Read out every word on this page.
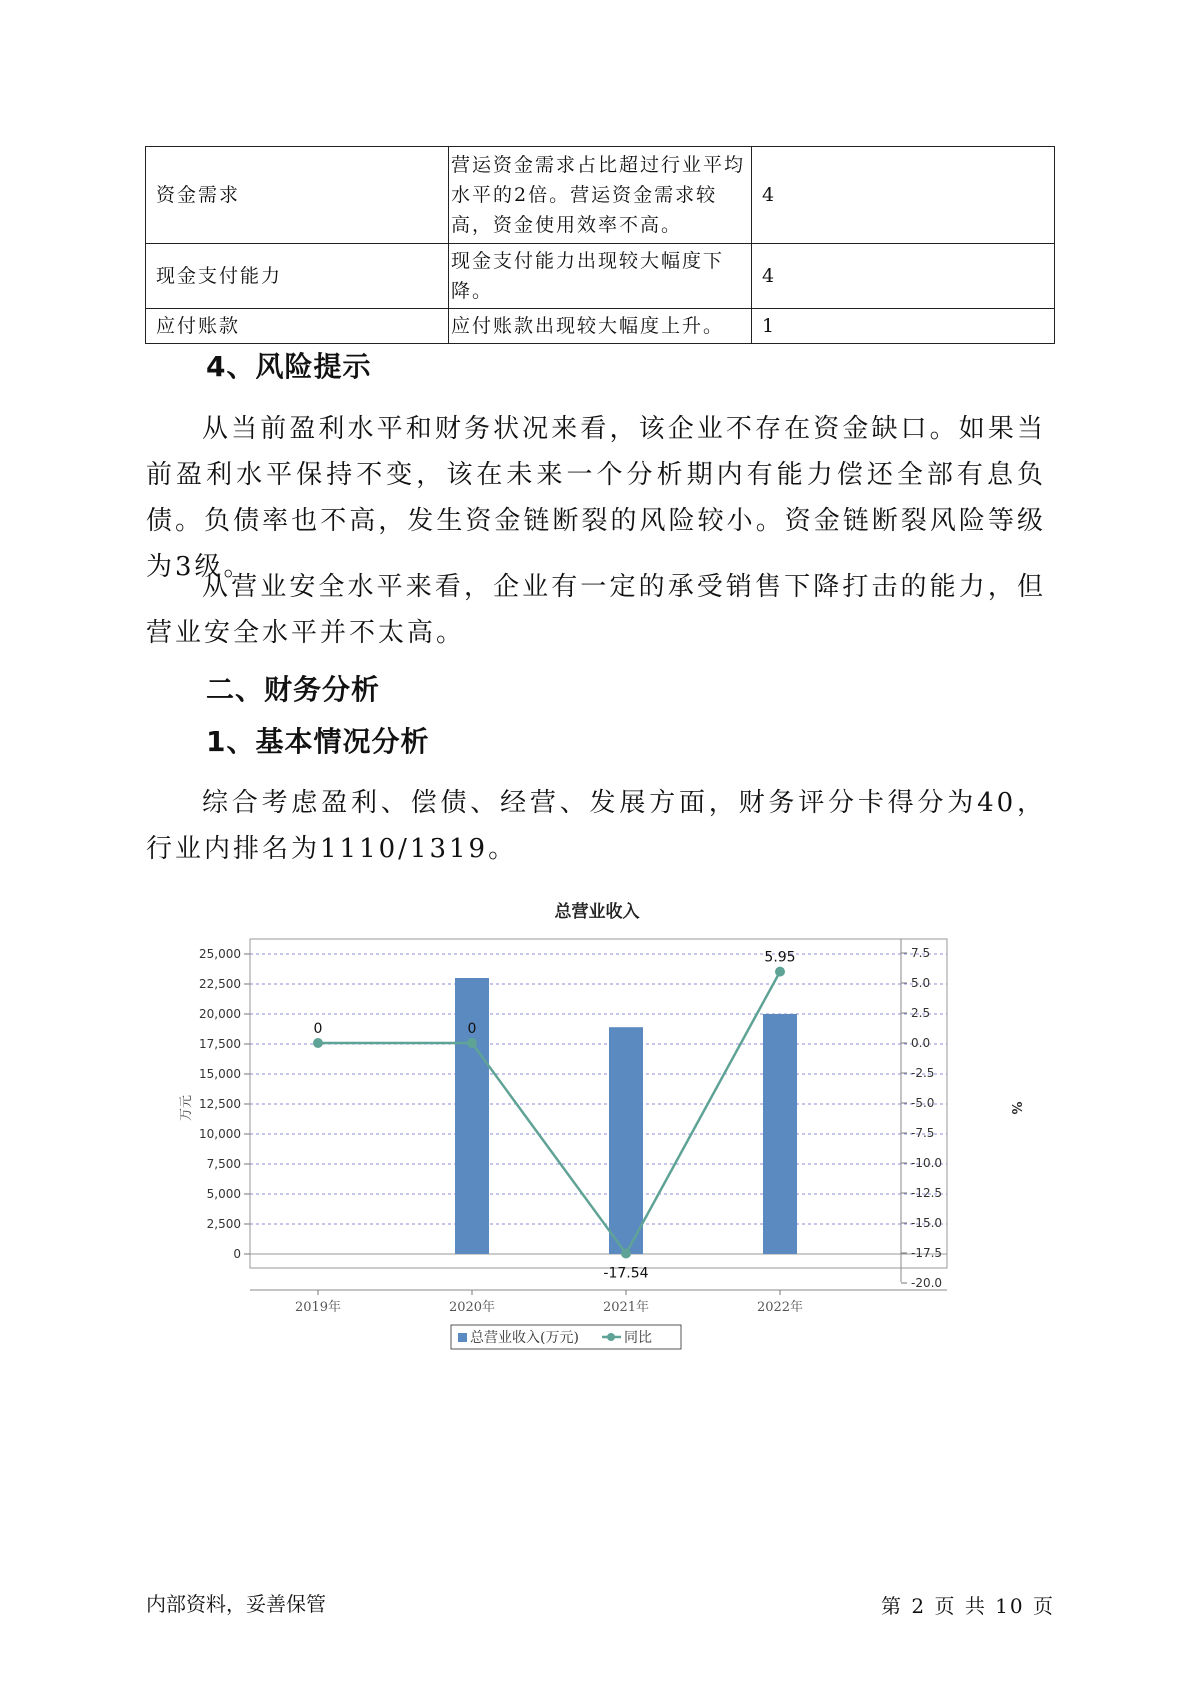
资金需求	营运资金需求占比超过行业平均水平的2倍。营运资金需求较高，资金使用效率不高。	4
现金支付能力	现金支付能力出现较大幅度下降。	4
应付账款	应付账款出现较大幅度上升。	1
4、风险提示

从当前盈利水平和财务状况来看，该企业不存在资金缺口。如果当前盈利水平保持不变，该在未来一个分析期内有能力偿还全部有息负债。负债率也不高，发生资金链断裂的风险较小。资金链断裂风险等级为3级。

从营业安全水平来看，企业有一定的承受销售下降打击的能力，但营业安全水平并不太高。

二、财务分析
1、基本情况分析

综合考虑盈利、偿债、经营、发展方面，财务评分卡得分为40，行业内排名为1110/1319。

总营业收入
0
2,500
5,000
7,500
10,000
12,500
15,000
17,500
20,000
22,500
25,000
-20.0
-17.5
-15.0
-12.5
-10.0
-7.5
-5.0
-2.5
0.0
2.5
5.0
7.5
2019年	2020年	2021年	2022年
0	0
-17.54
5.95
万元	%
总营业收入(万元)	同比
内部资料，妥善保管	第 2 页 共 10 页
